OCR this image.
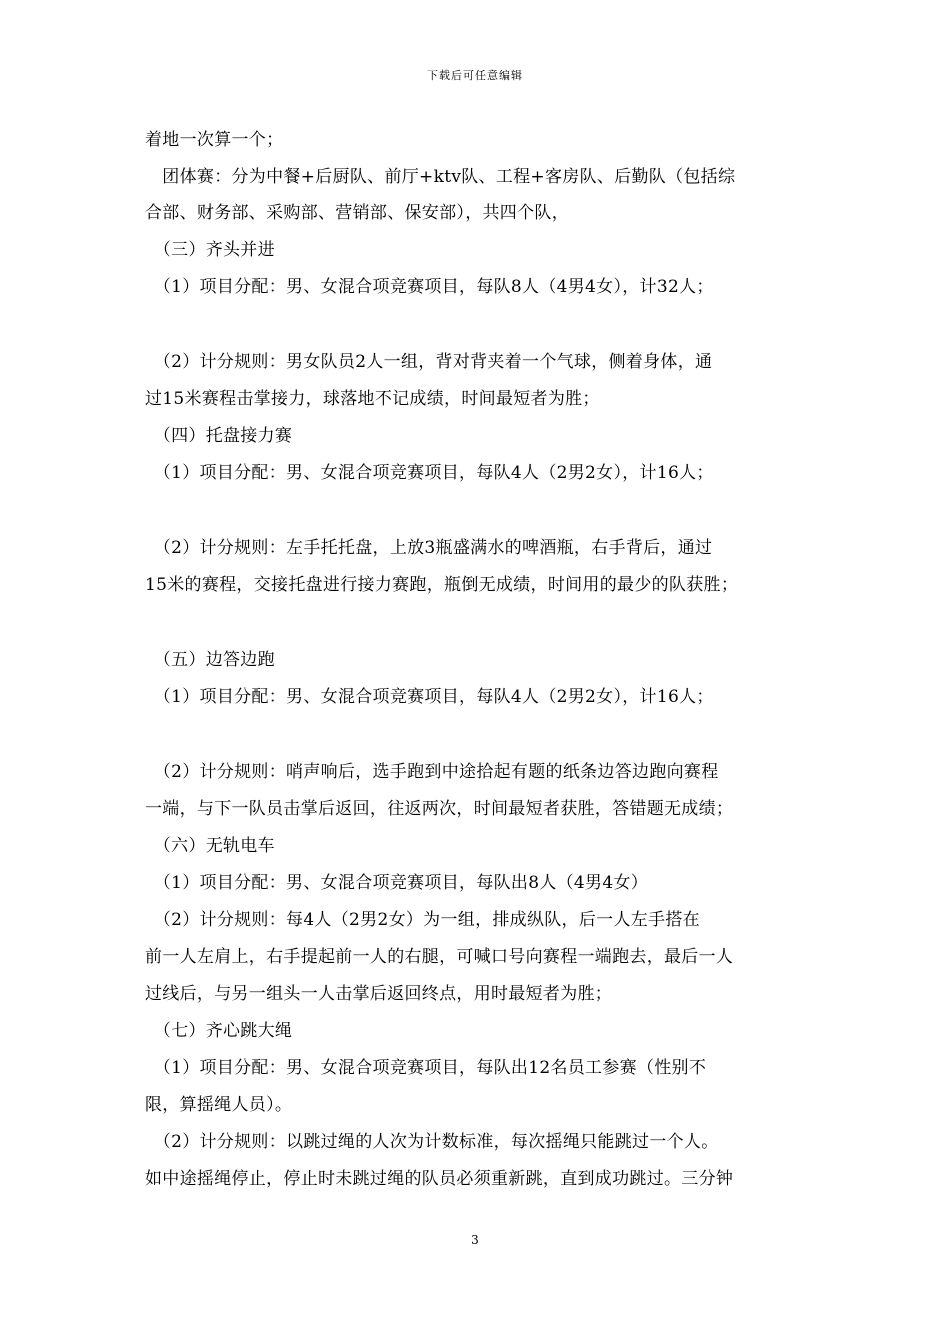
下载后可任意编辑
着地一次算一个；
　团体赛：分为中餐+后厨队、前厅+ktv队、工程+客房队、后勤队（包括综
合部、财务部、采购部、营销部、保安部），共四个队，
　（三）齐头并进
　（1）项目分配：男、女混合项竞赛项目，每队8人（4男4女），计32人；
　（2）计分规则：男女队员2人一组，背对背夹着一个气球，侧着身体，通
过15米赛程击掌接力，球落地不记成绩，时间最短者为胜；
　（四）托盘接力赛
　（1）项目分配：男、女混合项竞赛项目，每队4人（2男2女），计16人；
　（2）计分规则：左手托托盘，上放3瓶盛满水的啤酒瓶，右手背后，通过
15米的赛程，交接托盘进行接力赛跑，瓶倒无成绩，时间用的最少的队获胜；
　（五）边答边跑
　（1）项目分配：男、女混合项竞赛项目，每队4人（2男2女），计16人；
　（2）计分规则：哨声响后，选手跑到中途拾起有题的纸条边答边跑向赛程
一端，与下一队员击掌后返回，往返两次，时间最短者获胜，答错题无成绩；
　（六）无轨电车
　（1）项目分配：男、女混合项竞赛项目，每队出8人（4男4女）
　（2）计分规则：每4人（2男2女）为一组，排成纵队，后一人左手搭在
前一人左肩上，右手提起前一人的右腿，可喊口号向赛程一端跑去，最后一人
过线后，与另一组头一人击掌后返回终点，用时最短者为胜；
　（七）齐心跳大绳
　（1）项目分配：男、女混合项竞赛项目，每队出12名员工参赛（性别不
限，算摇绳人员）。
　（2）计分规则：以跳过绳的人次为计数标准，每次摇绳只能跳过一个人。
如中途摇绳停止，停止时未跳过绳的队员必须重新跳，直到成功跳过。三分钟
3
